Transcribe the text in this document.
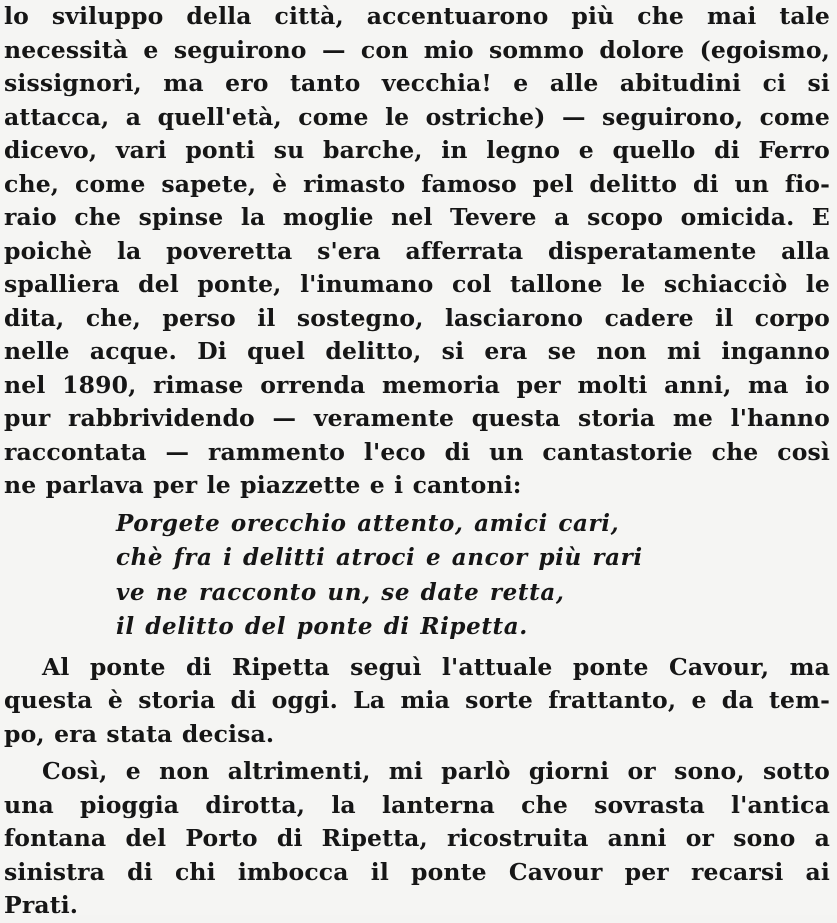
lo sviluppo della città, accentuarono più che mai tale
necessità e seguirono — con mio sommo dolore (egoismo,
sissignori, ma ero tanto vecchia! e alle abitudini ci si
attacca, a quell'età, come le ostriche) — seguirono, come
dicevo, vari ponti su barche, in legno e quello di Ferro
che, come sapete, è rimasto famoso pel delitto di un fio-
raio che spinse la moglie nel Tevere a scopo omicida. E
poichè la poveretta s'era afferrata disperatamente alla
spalliera del ponte, l'inumano col tallone le schiacciò le
dita, che, perso il sostegno, lasciarono cadere il corpo
nelle acque. Di quel delitto, si era se non mi inganno
nel 1890, rimase orrenda memoria per molti anni, ma io
pur rabbrividendo — veramente questa storia me l'hanno
raccontata — rammento l'eco di un cantastorie che così
ne parlava per le piazzette e i cantoni:
Porgete orecchio attento, amici cari,
chè fra i delitti atroci e ancor più rari
ve ne racconto un, se date retta,
il delitto del ponte di Ripetta.
Al ponte di Ripetta seguì l'attuale ponte Cavour, ma
questa è storia di oggi. La mia sorte frattanto, e da tem-
po, era stata decisa.
Così, e non altrimenti, mi parlò giorni or sono, sotto
una pioggia dirotta, la lanterna che sovrasta l'antica
fontana del Porto di Ripetta, ricostruita anni or sono a
sinistra di chi imbocca il ponte Cavour per recarsi ai
Prati.
